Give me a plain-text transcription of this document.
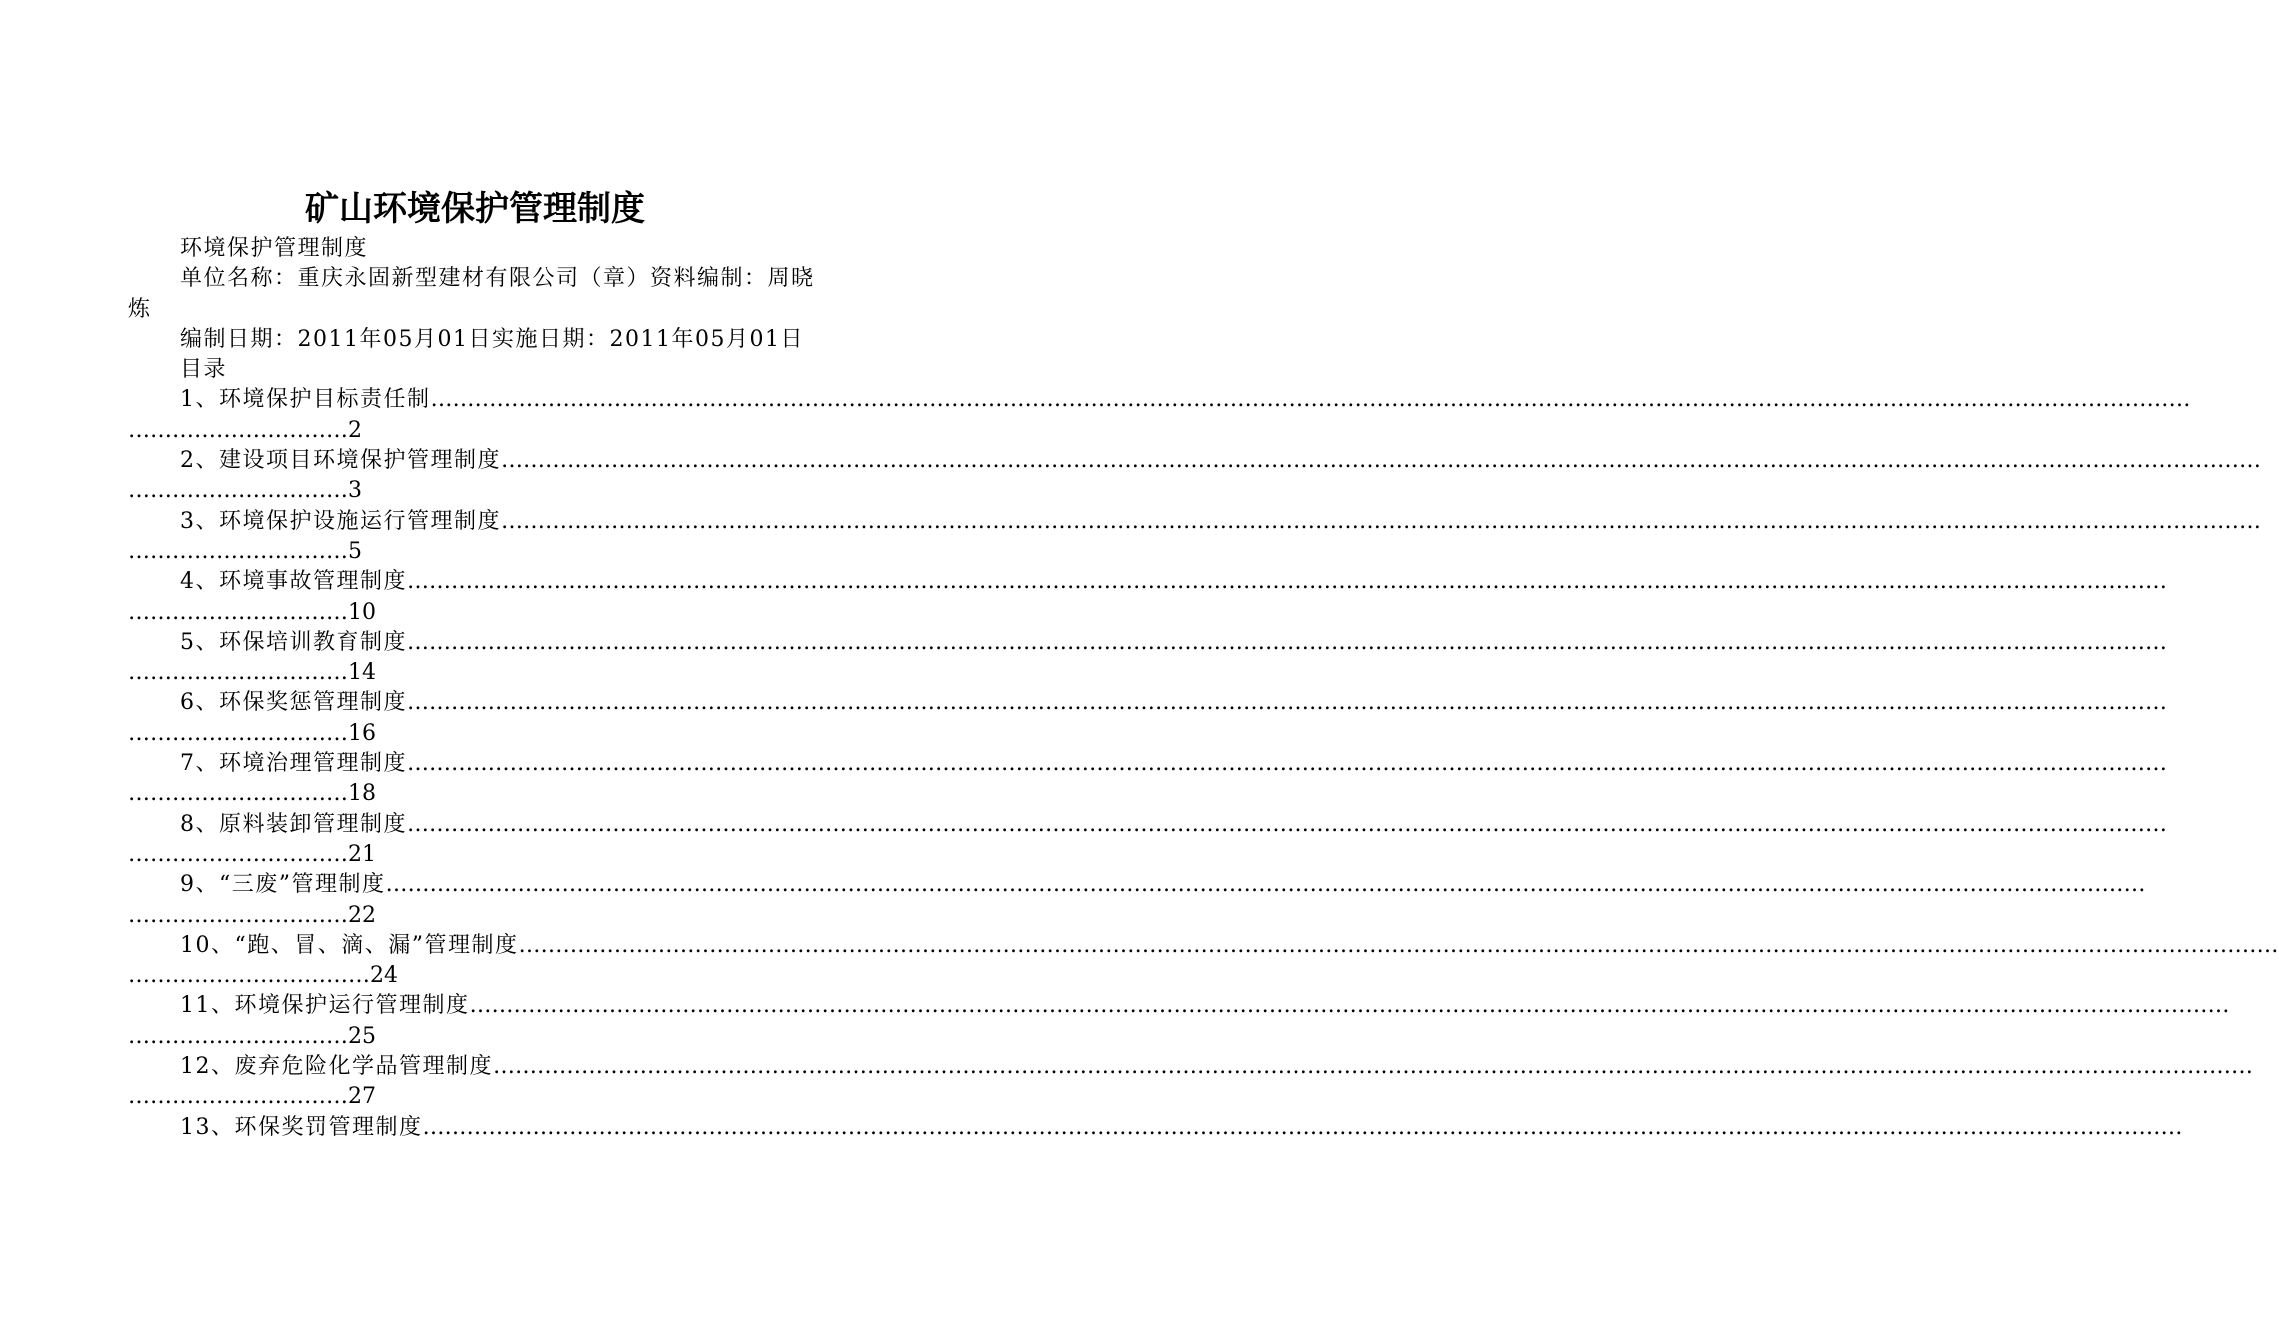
矿山环境保护管理制度

环境保护管理制度

单位名称：重庆永固新型建材有限公司（章）资料编制：周晓炼

编制日期：2011年05月01日实施日期：2011年05月01日

目录

1、环境保护目标责任制 ……………………………………………………………………………………………………………………………………………………………………………………………………………………
………………………… 2
2、建设项目环境保护管理制度 ……………………………………………………………………………………………………………………………………………………………………………………………………………………
………………………… 3
3、环境保护设施运行管理制度 ……………………………………………………………………………………………………………………………………………………………………………………………………………………
………………………… 5
4、环境事故管理制度 ……………………………………………………………………………………………………………………………………………………………………………………………………………………
………………………… 10
5、环保培训教育制度 ……………………………………………………………………………………………………………………………………………………………………………………………………………………
………………………… 14
6、环保奖惩管理制度 ……………………………………………………………………………………………………………………………………………………………………………………………………………………
………………………… 16
7、环境治理管理制度 ……………………………………………………………………………………………………………………………………………………………………………………………………………………
………………………… 18
8、原料装卸管理制度 ……………………………………………………………………………………………………………………………………………………………………………………………………………………
………………………… 21
9、“三废”管理制度 ……………………………………………………………………………………………………………………………………………………………………………………………………………………
………………………… 22
10、“跑、冒、滴、漏”管理制度 ……………………………………………………………………………………………………………………………………………………………………………………………………………………
…………………………… 24
11、环境保护运行管理制度 ……………………………………………………………………………………………………………………………………………………………………………………………………………………
………………………… 25
12、废弃危险化学品管理制度 ……………………………………………………………………………………………………………………………………………………………………………………………………………………
………………………… 27
13、环保奖罚管理制度 ……………………………………………………………………………………………………………………………………………………………………………………………………………………
